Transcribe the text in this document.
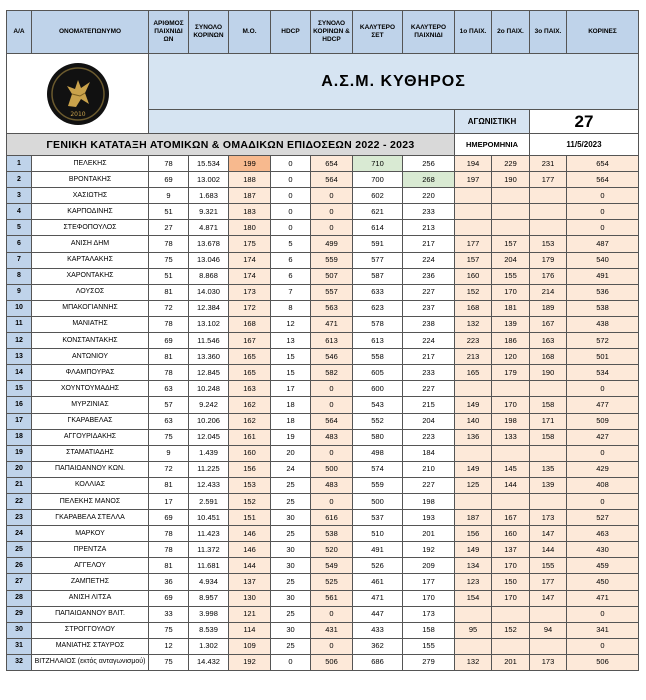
2010		Α.Σ.Μ. ΚΥΘΗΡΟΣ										
									ΑΓΩΝΙΣΤΙΚΗ		27	
ΓΕΝΙΚΗ ΚΑΤΑΤΑΞΗ ΑΤΟΜΙΚΩΝ & ΟΜΑΔΙΚΩΝ ΕΠΙΔΟΣΕΩΝ 2022 - 2023									ΗΜΕΡΟΜΗΝΙΑ		11/5/2023	
Α/Α	ΟΝΟΜΑΤΕΠΩΝΥΜΟ	ΑΡΙΘΜΟΣ ΠΑΙΧΝΙΔΙ ΩΝ	ΣΥΝΟΛΟ ΚΟΡΙΝΩΝ	Μ.Ο.	HDCP	ΣΥΝΟΛΟ ΚΟΡΙΝΩΝ & HDCP	ΚΑΛΥΤΕΡΟ ΣΕΤ	ΚΑΛΥΤΕΡΟ ΠΑΙΧΝΙΔΙ	1ο ΠΑΙΧ.	2ο ΠΑΙΧ.	3ο ΠΑΙΧ.	ΚΟΡΙΝΕΣ
1	ΠΕΛΕΚΗΣ	78	15.534	199	0	654	710	256	194	229	231	654
2	ΒΡΟΝΤΑΚΗΣ	69	13.002	188	0	564	700	268	197	190	177	564
3	ΧΑΣΙΩΤΗΣ	9	1.683	187	0	0	602	220				0
4	ΚΑΡΠΟΔΙΝΗΣ	51	9.321	183	0	0	621	233				0
5	ΣΤΕΦΟΠΟΥΛΟΣ	27	4.871	180	0	0	614	213				0
6	ΑΝΙΣΗ ΔΗΜ	78	13.678	175	5	499	591	217	177	157	153	487
7	ΚΑΡΤΑΛΑΚΗΣ	75	13.046	174	6	559	577	224	157	204	179	540
8	ΧΑΡΟΝΤΑΚΗΣ	51	8.868	174	6	507	587	236	160	155	176	491
9	ΛΟΥΣΟΣ	81	14.030	173	7	557	633	227	152	170	214	536
10	ΜΠΑΚΟΓΙΑΝΝΗΣ	72	12.384	172	8	563	623	237	168	181	189	538
11	ΜΑΝΙΑΤΗΣ	78	13.102	168	12	471	578	238	132	139	167	438
12	ΚΟΝΣΤΑΝΤΑΚΗΣ	69	11.546	167	13	613	613	224	223	186	163	572
13	ΑΝΤΩΝΙΟΥ	81	13.360	165	15	546	558	217	213	120	168	501
14	ΦΛΑΜΠΟΥΡΑΣ	78	12.845	165	15	582	605	233	165	179	190	534
15	ΧΟΥΝΤΟΥΜΑΔΗΣ	63	10.248	163	17	0	600	227				0
16	ΜΥΡΖΙΝΙΑΣ	57	9.242	162	18	0	543	215	149	170	158	477
17	ΓΚΑΡΑΒΕΛΑΣ	63	10.206	162	18	564	552	204	140	198	171	509
18	ΑΓΓΟΥΡΙΔΑΚΗΣ	75	12.045	161	19	483	580	223	136	133	158	427
19	ΣΤΑΜΑΤΙΑΔΗΣ	9	1.439	160	20	0	498	184				0
20	ΠΑΠΑΙΩΑΝΝΟΥ ΚΩΝ.	72	11.225	156	24	500	574	210	149	145	135	429
21	ΚΟΛΛΙΑΣ	81	12.433	153	25	483	559	227	125	144	139	408
22	ΠΕΛΕΚΗΣ ΜΑΝΟΣ	17	2.591	152	25	0	500	198				0
23	ΓΚΑΡΑΒΕΛΑ ΣΤΕΛΛΑ	69	10.451	151	30	616	537	193	187	167	173	527
24	ΜΑΡΚΟΥ	78	11.423	146	25	538	510	201	156	160	147	463
25	ΠΡΕΝΤΖΑ	78	11.372	146	30	520	491	192	149	137	144	430
26	ΑΓΓΕΛΟΥ	81	11.681	144	30	549	526	209	134	170	155	459
27	ΖΑΜΠΕΤΗΣ	36	4.934	137	25	525	461	177	123	150	177	450
28	ΑΝΙΣΗ ΛΙΤΣΑ	69	8.957	130	30	561	471	170	154	170	147	471
29	ΠΑΠΑΙΩΑΝΝΟΥ ΒΛΙΤ.	33	3.998	121	25	0	447	173				0
30	ΣΤΡΟΓΓΟΥΛΟΥ	75	8.539	114	30	431	433	158	95	152	94	341
31	ΜΑΝΙΑΤΗΣ ΣΤΑΥΡΟΣ	12	1.302	109	25	0	362	155				0
32	ΒΙΤΖΗΛΑΙΟΣ (εκτός ανταγωνισμού)	75	14.432	192	0	506	686	279	132	201	173	506
